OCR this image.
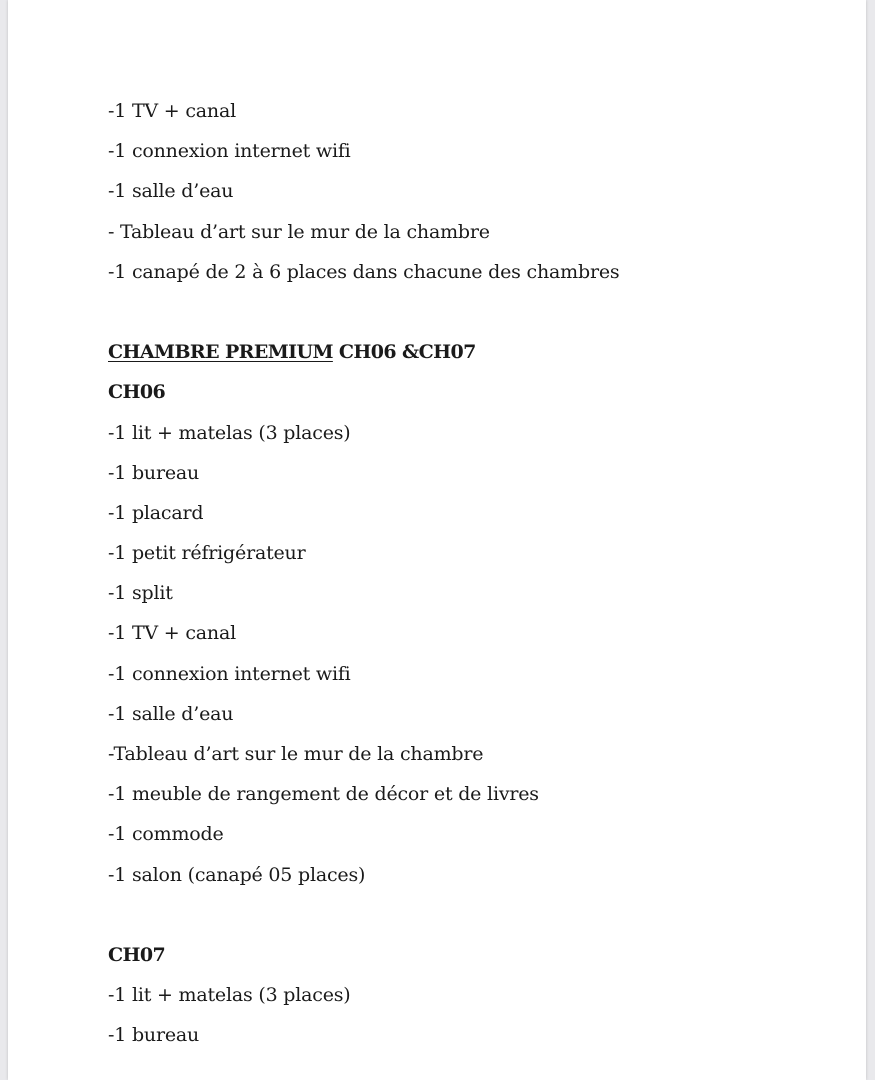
-1 TV + canal
-1 connexion internet wifi
-1 salle d’eau
- Tableau d’art sur le mur de la chambre
-1 canapé de 2 à 6 places dans chacune des chambres
CHAMBRE PREMIUM CH06 &CH07
CH06
-1 lit + matelas (3 places)
-1 bureau
-1 placard
-1 petit réfrigérateur
-1 split
-1 TV + canal
-1 connexion internet wifi
-1 salle d’eau
-Tableau d’art sur le mur de la chambre
-1 meuble de rangement de décor et de livres
-1 commode
-1 salon (canapé 05 places)
CH07
-1 lit + matelas (3 places)
-1 bureau
